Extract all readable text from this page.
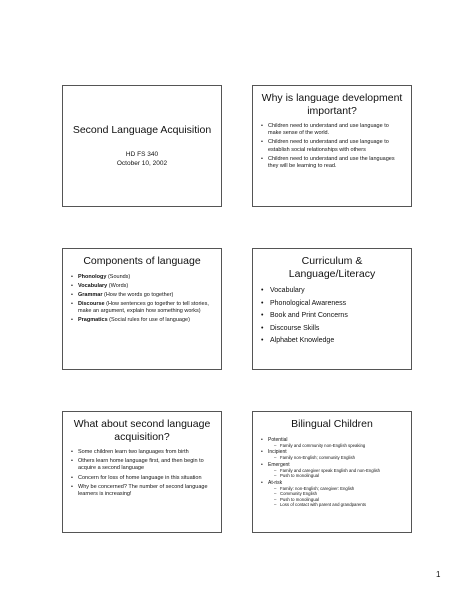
Second Language Acquisition
HD FS 340
October 10, 2002
Why is language development important?
• Children need to understand and use language to make sense of the world.
• Children need to understand and use language to establish social relationships with others
• Children need to understand and use the languages they will be learning to read.
Components of language
• Phonology (Sounds)
• Vocabulary (Words)
• Grammar (How the words go together)
• Discourse (How sentences go together to tell stories, make an argument, explain how something works)
• Pragmatics (Social rules for use of language)
Curriculum & Language/Literacy
• Vocabulary
• Phonological Awareness
• Book and Print Concerns
• Discourse Skills
• Alphabet Knowledge
What about second language acquisition?
• Some children learn two languages from birth
• Others learn home language first, and then begin to acquire a second language
• Concern for loss of home language in this situation
• Why be concerned? The number of second language learners is increasing!
Bilingual Children
• Potential
– Family and community non-English speaking
• Incipient
– Family non-English; community English
• Emergent
– Family and caregiver speak English and non-English
– Push to monolingual
• At-risk
– Family: non-English; caregiver: English
– Community English
– Push to monolingual
– Loss of contact with parent and grandparents
1
